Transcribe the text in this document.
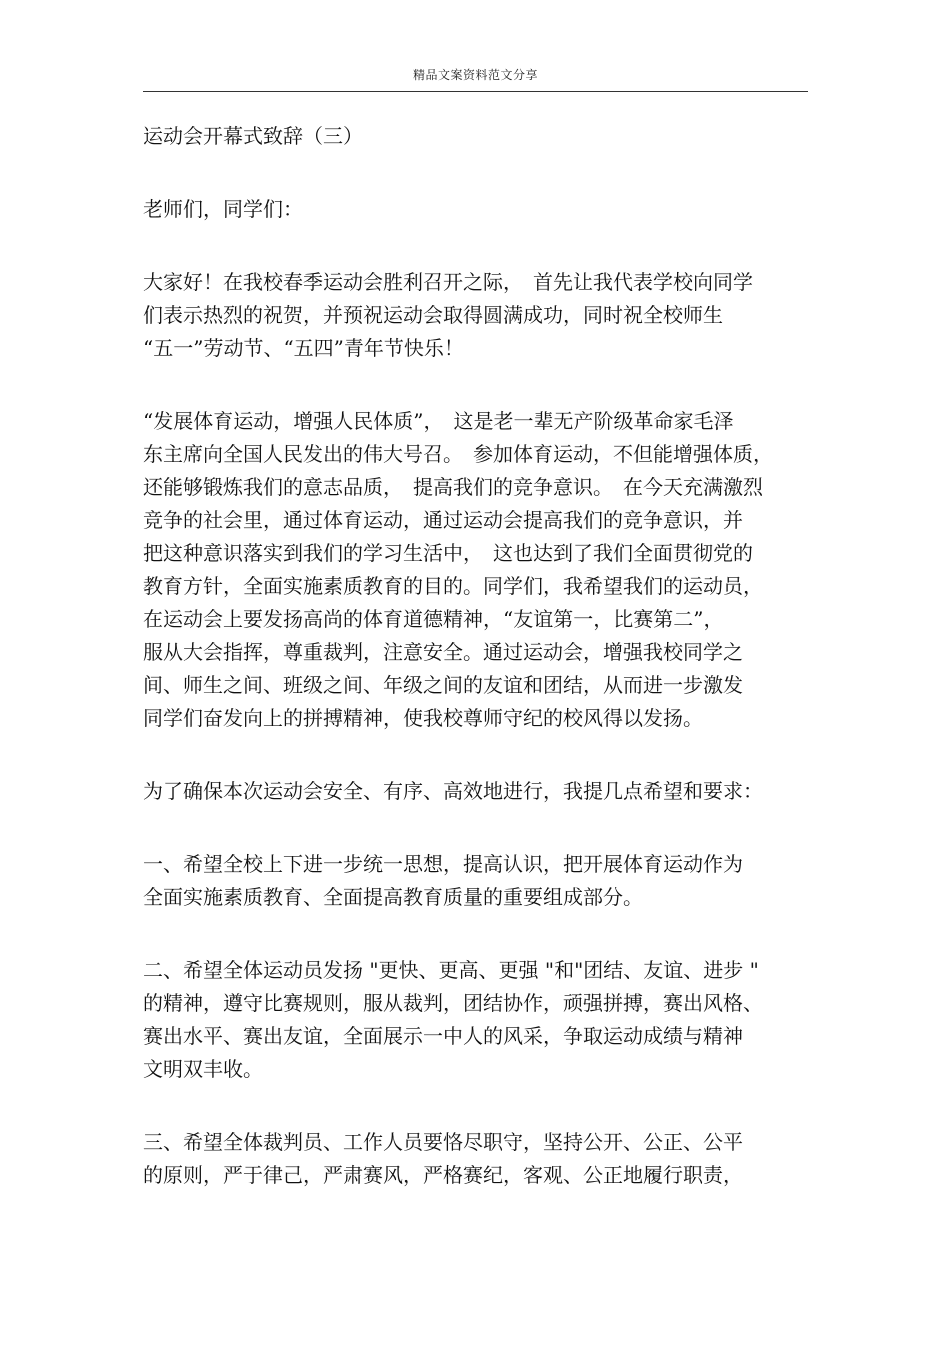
精品文案资料范文分享

运动会开幕式致辞（三）

老师们，同学们：

大家好！在我校春季运动会胜利召开之际，　首先让我代表学校向同学
们表示热烈的祝贺，并预祝运动会取得圆满成功，同时祝全校师生
“五一”劳动节、“五四”青年节快乐！

“发展体育运动，增强人民体质”，　这是老一辈无产阶级革命家毛泽
东主席向全国人民发出的伟大号召。　参加体育运动，不但能增强体质，
还能够锻炼我们的意志品质，　提高我们的竞争意识。　在今天充满激烈
竞争的社会里，通过体育运动，通过运动会提高我们的竞争意识，并
把这种意识落实到我们的学习生活中，　这也达到了我们全面贯彻党的
教育方针，全面实施素质教育的目的。同学们，我希望我们的运动员，
在运动会上要发扬高尚的体育道德精神，“友谊第一，比赛第二”，
服从大会指挥，尊重裁判，注意安全。通过运动会，增强我校同学之
间、师生之间、班级之间、年级之间的友谊和团结，从而进一步激发
同学们奋发向上的拼搏精神，使我校尊师守纪的校风得以发扬。

为了确保本次运动会安全、有序、高效地进行，我提几点希望和要求：

一、希望全校上下进一步统一思想，提高认识，把开展体育运动作为
全面实施素质教育、全面提高教育质量的重要组成部分。

二、希望全体运动员发扬 "更快、更高、更强 "和"团结、友谊、进步 "
的精神，遵守比赛规则，服从裁判，团结协作，顽强拼搏，赛出风格、
赛出水平、赛出友谊，全面展示一中人的风采，争取运动成绩与精神
文明双丰收。

三、希望全体裁判员、工作人员要恪尽职守，坚持公开、公正、公平
的原则，严于律己，严肃赛风，严格赛纪，客观、公正地履行职责，
